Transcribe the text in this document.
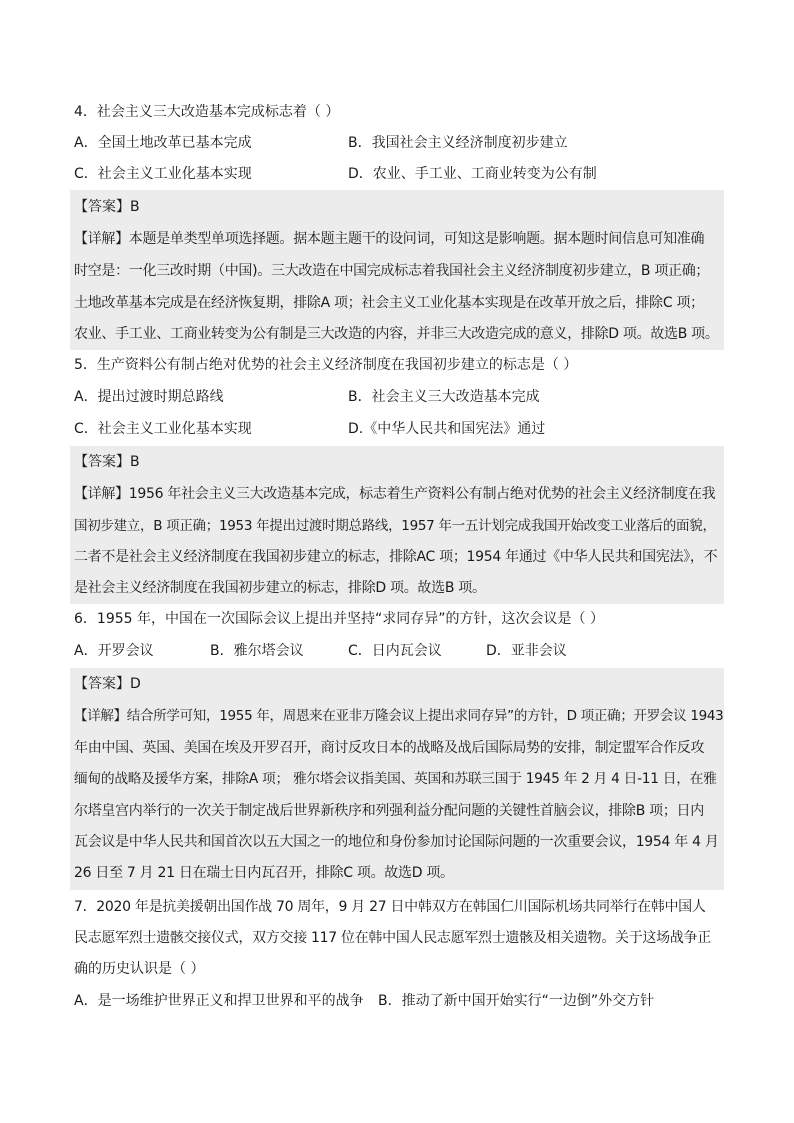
4．社会主义三大改造基本完成标志着（ ）
A．全国土地改革已基本完成	B．我国社会主义经济制度初步建立
C．社会主义工业化基本实现	D．农业、手工业、工商业转变为公有制
【答案】B
【详解】本题是单类型单项选择题。据本题主题干的设问词，可知这是影响题。据本题时间信息可知准确
时空是：一化三改时期（中国)。三大改造在中国完成标志着我国社会主义经济制度初步建立，B 项正确；
土地改革基本完成是在经济恢复期，排除A 项；社会主义工业化基本实现是在改革开放之后，排除C 项；
农业、手工业、工商业转变为公有制是三大改造的内容，并非三大改造完成的意义，排除D 项。故选B 项。
5．生产资料公有制占绝对优势的社会主义经济制度在我国初步建立的标志是（ ）
A．提出过渡时期总路线	B．社会主义三大改造基本完成
C．社会主义工业化基本实现	D.《中华人民共和国宪法》通过
【答案】B
【详解】1956 年社会主义三大改造基本完成，标志着生产资料公有制占绝对优势的社会主义经济制度在我
国初步建立，B 项正确；1953 年提出过渡时期总路线，1957 年一五计划完成我国开始改变工业落后的面貌，
二者不是社会主义经济制度在我国初步建立的标志，排除AC 项；1954 年通过《中华人民共和国宪法》，不
是社会主义经济制度在我国初步建立的标志，排除D 项。故选B 项。
6．1955 年，中国在一次国际会议上提出并坚持“求同存异”的方针，这次会议是（ ）
A．开罗会议	B．雅尔塔会议	C．日内瓦会议	D．亚非会议
【答案】D
【详解】结合所学可知，1955 年，周恩来在亚非万隆会议上提出求同存异”的方针，D 项正确；开罗会议 1943
年由中国、英国、美国在埃及开罗召开，商讨反攻日本的战略及战后国际局势的安排，制定盟军合作反攻
缅甸的战略及援华方案，排除A 项； 雅尔塔会议指美国、英国和苏联三国于 1945 年 2 月 4 日-11 日，在雅
尔塔皇宫内举行的一次关于制定战后世界新秩序和列强利益分配问题的关键性首脑会议，排除B 项；日内
瓦会议是中华人民共和国首次以五大国之一的地位和身份参加讨论国际问题的一次重要会议，1954 年 4 月
26 日至 7 月 21 日在瑞士日内瓦召开，排除C 项。故选D 项。
7．2020 年是抗美援朝出国作战 70 周年，9 月 27 日中韩双方在韩国仁川国际机场共同举行在韩中国人
民志愿军烈士遗骸交接仪式，双方交接 117 位在韩中国人民志愿军烈士遗骸及相关遗物。关于这场战争正
确的历史认识是（ ）
A．是一场维护世界正义和捍卫世界和平的战争 B．推动了新中国开始实行“一边倒”外交方针
